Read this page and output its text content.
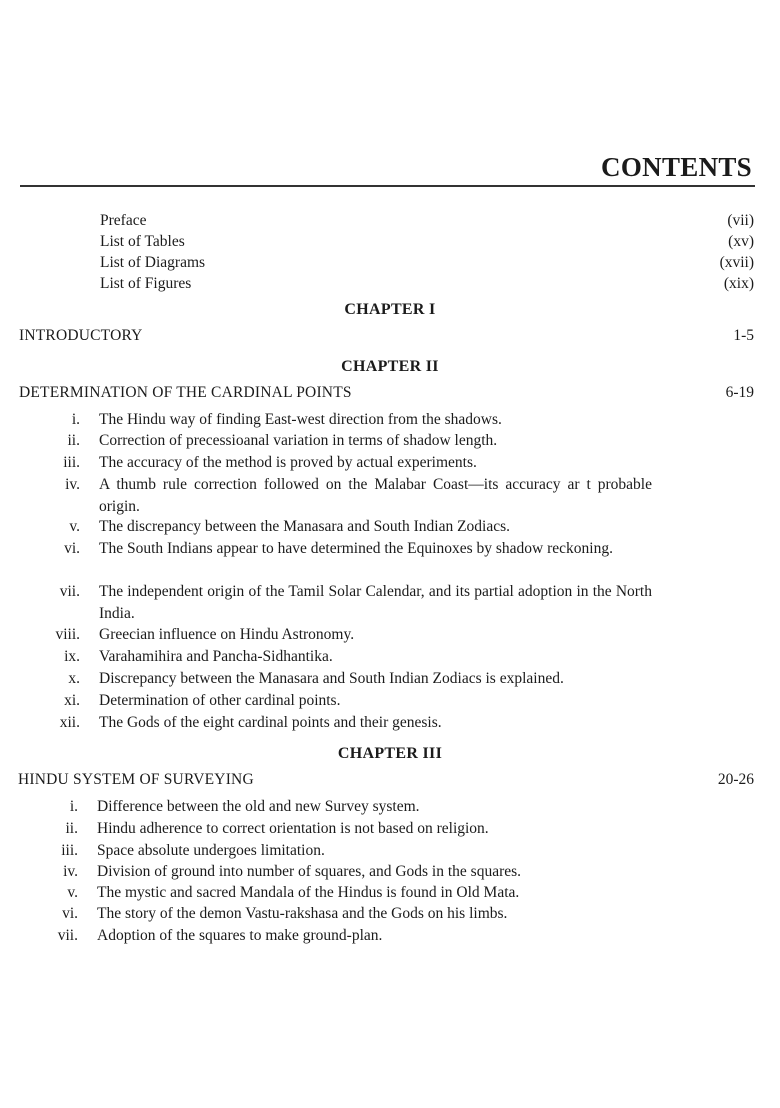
CONTENTS
Preface	(vii)
List of Tables	(xv)
List of Diagrams	(xvii)
List of Figures	(xix)
CHAPTER I
INTRODUCTORY	1-5
CHAPTER II
DETERMINATION OF THE CARDINAL POINTS	6-19
i. The Hindu way of finding East-west direction from the shadows.
ii. Correction of precessioanal variation in terms of shadow length.
iii. The accuracy of the method is proved by actual experiments.
iv. A thumb rule correction followed on the Malabar Coast—its accuracy ar t probable origin.
v. The discrepancy between the Manasara and South Indian Zodiacs.
vi. The South Indians appear to have determined the Equinoxes by shadow reckoning.
vii. The independent origin of the Tamil Solar Calendar, and its partial adoption in the North India.
viii. Greecian influence on Hindu Astronomy.
ix. Varahamihira and Pancha-Sidhantika.
x. Discrepancy between the Manasara and South Indian Zodiacs is explained.
xi. Determination of other cardinal points.
xii. The Gods of the eight cardinal points and their genesis.
CHAPTER III
HINDU SYSTEM OF SURVEYING	20-26
i. Difference between the old and new Survey system.
ii. Hindu adherence to correct orientation is not based on religion.
iii. Space absolute undergoes limitation.
iv. Division of ground into number of squares, and Gods in the squares.
v. The mystic and sacred Mandala of the Hindus is found in Old Mata.
vi. The story of the demon Vastu-rakshasa and the Gods on his limbs.
vii. Adoption of the squares to make ground-plan.
